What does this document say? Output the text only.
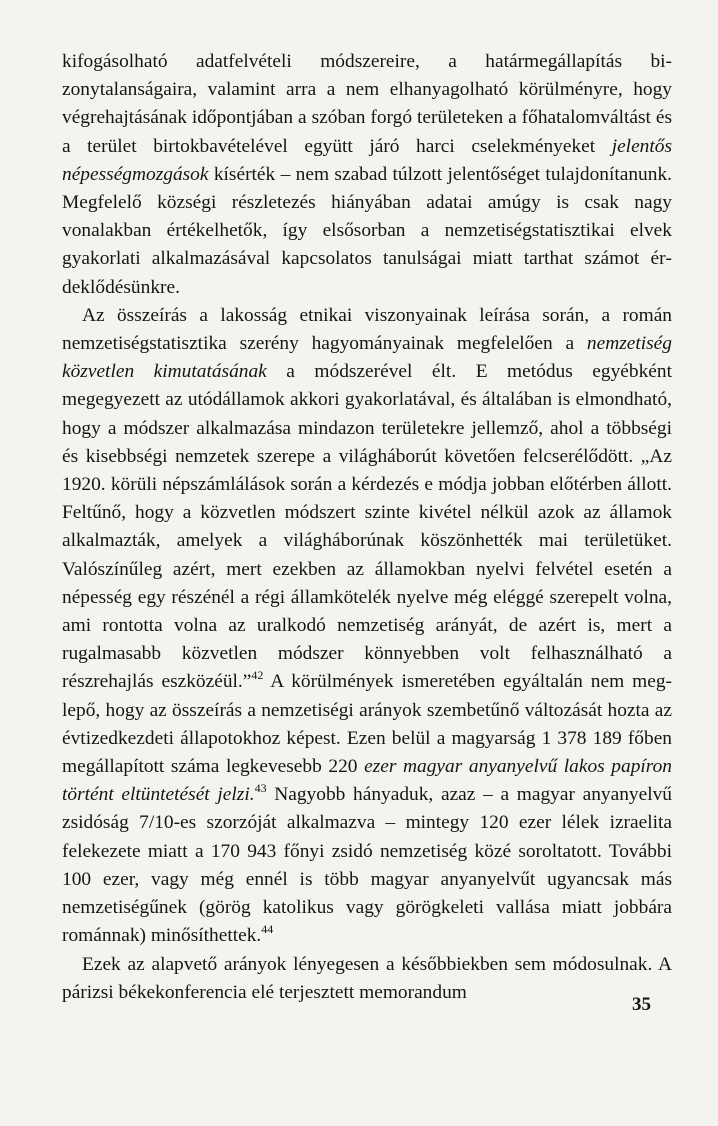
kifogásolható adatfelvételi módszereire, a határmegállapítás bizonytalanságaira, valamint arra a nem elhanyagolható körülményre, hogy végrehajtásának időpontjában a szóban forgó területeken a főhatalomváltást és a terület birtokbavételével együtt járó harci cselekményeket jelentős népességmozgások kísérték – nem szabad túlzott jelentőséget tulajdonítanunk. Megfelelő községi részletezés hiányában adatai amúgy is csak nagy vonalakban értékelhetők, így elsősorban a nemzetiségstatisztikai elvek gyakorlati alkalmazásával kapcsolatos tanulságai miatt tarthat számot érdeklődésünkre.

Az összeírás a lakosság etnikai viszonyainak leírása során, a román nemzetiségstatisztika szerény hagyományainak megfelelően a nemzetiség közvetlen kimutatásának a módszerével élt. E metódus egyébként megegyezett az utódállamok akkori gyakorlatával, és általában is elmondható, hogy a módszer alkalmazása mindazon területekre jellemző, ahol a többségi és kisebbségi nemzetek szerepe a világháborút követően felcserélődött. „Az 1920. körüli népszámlálások során a kérdezés e módja jobban előtérben állott. Feltűnő, hogy a közvetlen módszert szinte kivétel nélkül azok az államok alkalmazták, amelyek a világháborúnak köszönhették mai területüket. Valószínűleg azért, mert ezekben az államokban nyelvi felvétel esetén a népesség egy részénél a régi államkötelék nyelve még eléggé szerepelt volna, ami rontotta volna az uralkodó nemzetiség arányát, de azért is, mert a rugalmasabb közvetlen módszer könnyebben volt felhasználható a részrehajlás eszközéül.”$^{42}$ A körülmények ismeretében egyáltalán nem meglepő, hogy az összeírás a nemzetiségi arányok szembetűnő változását hozta az évtizedkezdeti állapotokhoz képest. Ezen belül a magyarság 1 378 189 főben megállapított száma legkevesebb 220 ezer magyar anyanyelvű lakos papíron történt eltüntetését jelzi.$^{43}$ Nagyobb hányaduk, azaz – a magyar anyanyelvű zsidóság 7/10-es szorzóját alkalmazva – mintegy 120 ezer lélek izraelita felekezete miatt a 170 943 főnyi zsidó nemzetiség közé soroltatott. További 100 ezer, vagy még ennél is több magyar anyanyelvűt ugyancsak más nemzetiségűnek (görög katolikus vagy görögkeleti vallása miatt jobbára románnak) minősíthettek.$^{44}$

Ezek az alapvető arányok lényegesen a későbbiekben sem módosulnak. A párizsi békekonferencia elé terjesztett memorandum

35
